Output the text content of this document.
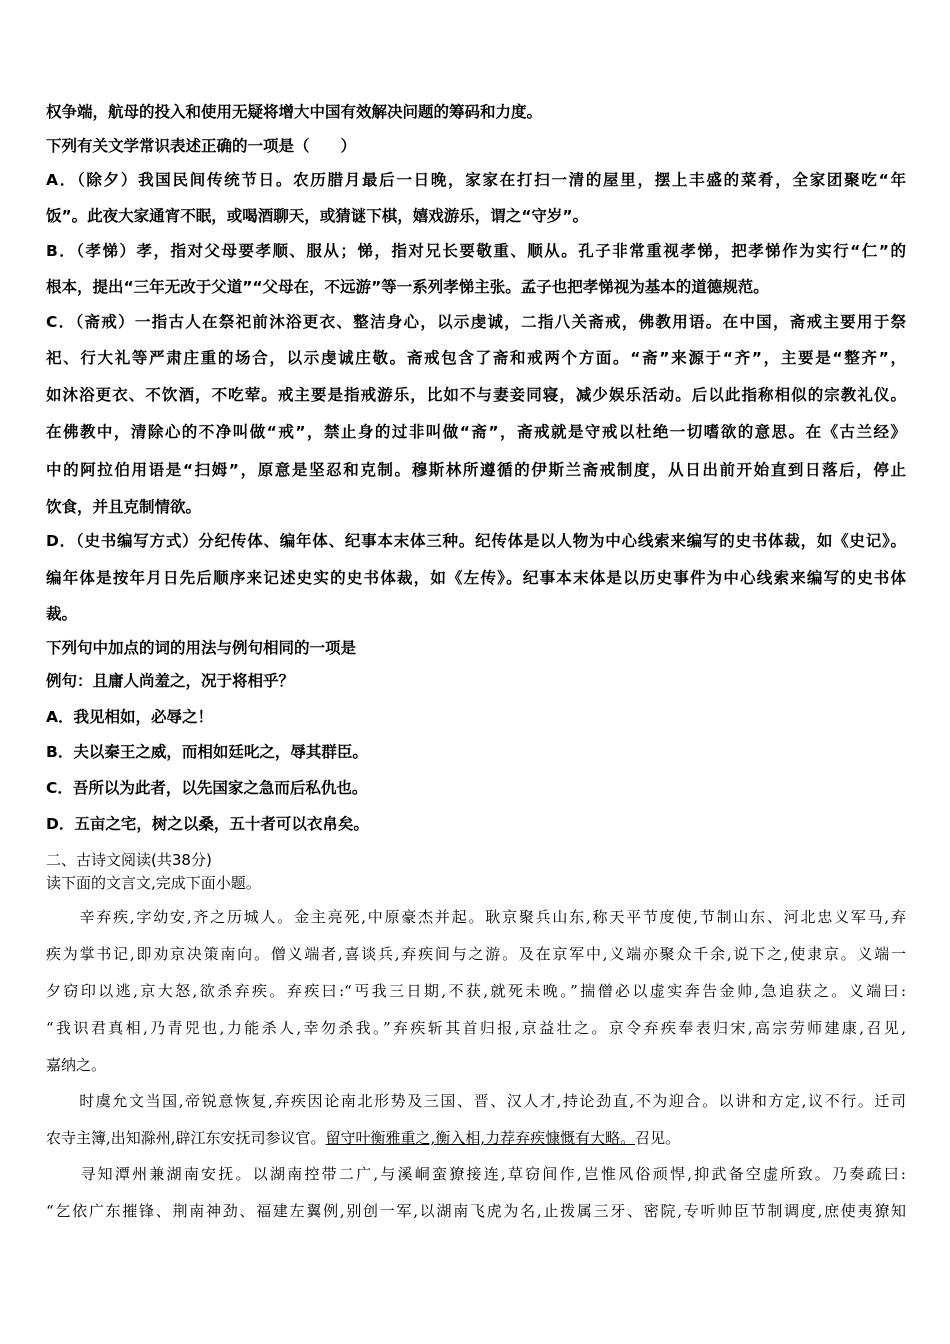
权争端，航母的投入和使用无疑将增大中国有效解决问题的筹码和力度。

下列有关文学常识表述正确的一项是（　　）

A．（除夕）我国民间传统节日。农历腊月最后一日晚，家家在打扫一清的屋里，摆上丰盛的菜肴，全家团聚吃“年

饭”。此夜大家通宵不眠，或喝酒聊天，或猜谜下棋，嬉戏游乐，谓之“守岁”。

B．（孝悌）孝，指对父母要孝顺、服从；悌，指对兄长要敬重、顺从。孔子非常重视孝悌，把孝悌作为实行“仁”的

根本，提出“三年无改于父道”“父母在，不远游”等一系列孝悌主张。孟子也把孝悌视为基本的道德规范。

C．（斋戒）一指古人在祭祀前沐浴更衣、整洁身心，以示虔诚，二指八关斋戒，佛教用语。在中国，斋戒主要用于祭

祀、行大礼等严肃庄重的场合，以示虔诚庄敬。斋戒包含了斋和戒两个方面。“斋”来源于“齐”，主要是“整齐”，

如沐浴更衣、不饮酒，不吃荤。戒主要是指戒游乐，比如不与妻妾同寝，减少娱乐活动。后以此指称相似的宗教礼仪。

在佛教中，清除心的不净叫做“戒”，禁止身的过非叫做“斋”，斋戒就是守戒以杜绝一切嗜欲的意思。在《古兰经》

中的阿拉伯用语是“扫姆”，原意是坚忍和克制。穆斯林所遵循的伊斯兰斋戒制度，从日出前开始直到日落后，停止

饮食，并且克制情欲。

D．（史书编写方式）分纪传体、编年体、纪事本末体三种。纪传体是以人物为中心线索来编写的史书体裁，如《史记》。

编年体是按年月日先后顺序来记述史实的史书体裁，如《左传》。纪事本末体是以历史事件为中心线索来编写的史书体

裁。

下列句中加点的词的用法与例句相同的一项是

例句：且庸人尚羞之，况于将相乎？

A．我见相如，必辱之！

B．夫以秦王之威，而相如廷叱之，辱其群臣。

C．吾所以为此者，以先国家之急而后私仇也。

D．五亩之宅，树之以桑，五十者可以衣帛矣。

二、古诗文阅读(共38分)

读下面的文言文,完成下面小题。

　　辛弃疾,字幼安,齐之历城人。金主亮死,中原豪杰并起。耿京聚兵山东,称天平节度使,节制山东、河北忠义军马,弃

疾为掌书记,即劝京决策南向。僧义端者,喜谈兵,弃疾间与之游。及在京军中,义端亦聚众千余,说下之,使隶京。义端一

夕窃印以逃,京大怒,欲杀弃疾。弃疾曰:“丐我三日期,不获,就死未晚。”揣僧必以虚实奔告金帅,急追获之。义端曰:

“我识君真相,乃青兕也,力能杀人,幸勿杀我。”弃疾斩其首归报,京益壮之。京令弃疾奉表归宋,高宗劳师建康,召见,

嘉纳之。

　　时虞允文当国,帝锐意恢复,弃疾因论南北形势及三国、晋、汉人才,持论劲直,不为迎合。以讲和方定,议不行。迁司

农寺主簿,出知滁州,辟江东安抚司参议官。留守叶衡雅重之,衡入相,力荐弃疾慷慨有大略。召见。

　　寻知潭州兼湖南安抚。以湖南控带二广,与溪峒蛮獠接连,草窃间作,岂惟风俗顽悍,抑武备空虚所致。乃奏疏曰:

“乞依广东摧锋、荆南神劲、福建左翼例,别创一军,以湖南飞虎为名,止拨属三牙、密院,专听帅臣节制调度,庶使夷獠知
